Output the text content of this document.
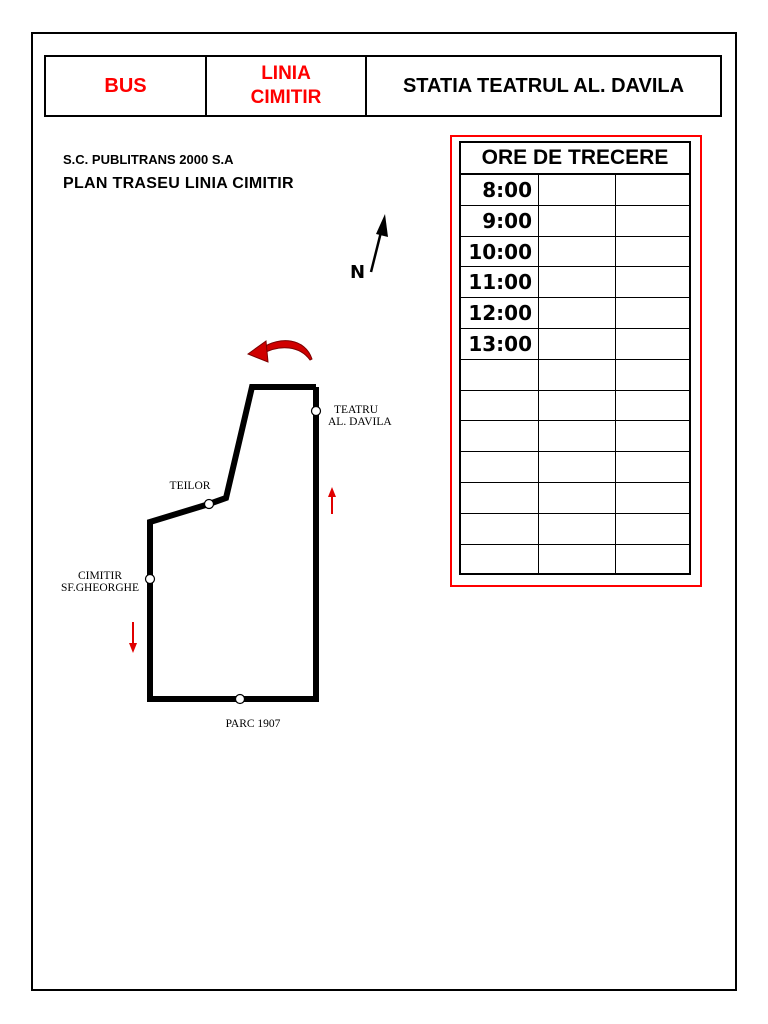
BUS
LINIA
CIMITIR
STATIA TEATRUL AL. DAVILA
S.C. PUBLITRANS 2000 S.A
PLAN TRASEU LINIA CIMITIR
N
TEATRU
AL. DAVILA
TEILOR
CIMITIR
SF.GHEORGHE
PARC 1907
ORE DE TRECERE
8:00
9:00
10:00
11:00
12:00
13:00
